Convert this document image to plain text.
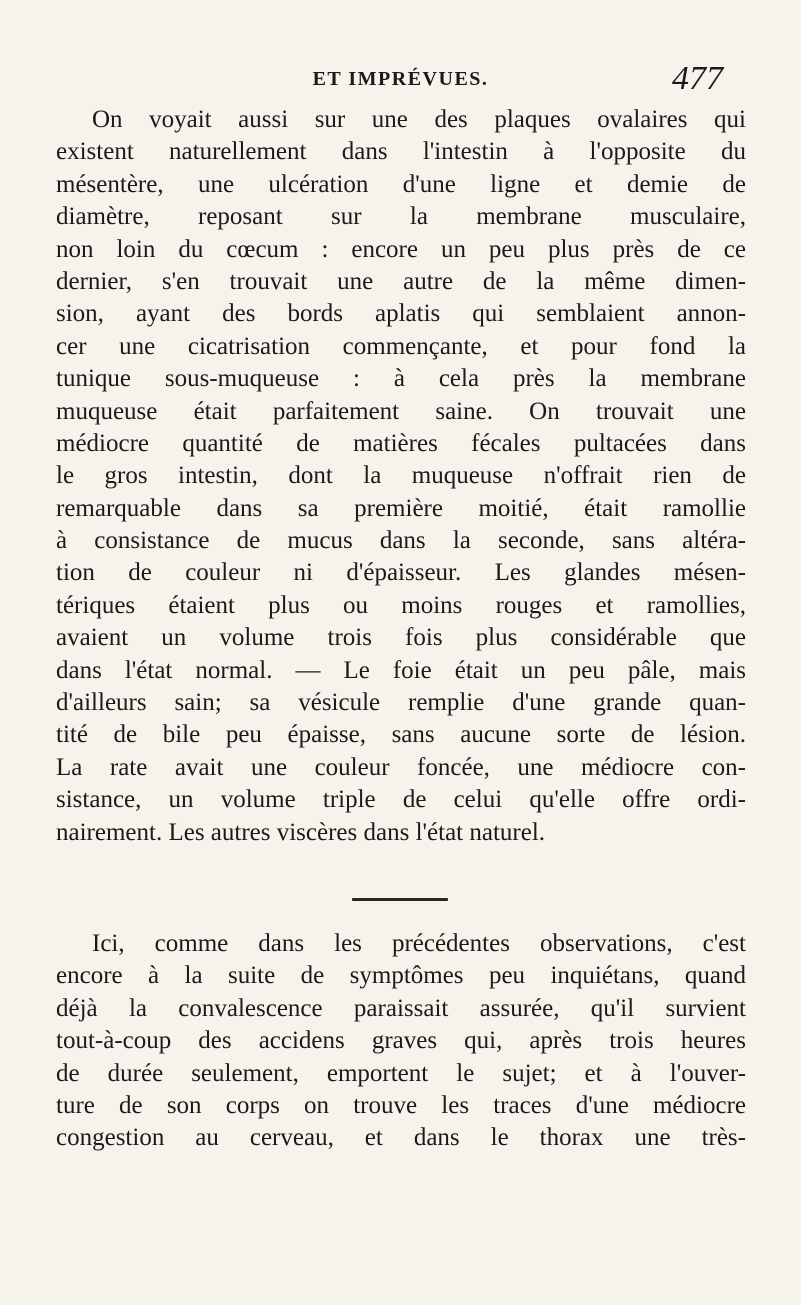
ET IMPRÉVUES.	477
On voyait aussi sur une des plaques ovalaires qui
existent naturellement dans l'intestin à l'opposite du
mésentère, une ulcération d'une ligne et demie de
diamètre, reposant sur la membrane musculaire,
non loin du cœcum : encore un peu plus près de ce
dernier, s'en trouvait une autre de la même dimen-
sion, ayant des bords aplatis qui semblaient annon-
cer une cicatrisation commençante, et pour fond la
tunique sous-muqueuse : à cela près la membrane
muqueuse était parfaitement saine. On trouvait une
médiocre quantité de matières fécales pultacées dans
le gros intestin, dont la muqueuse n'offrait rien de
remarquable dans sa première moitié, était ramollie
à consistance de mucus dans la seconde, sans altéra-
tion de couleur ni d'épaisseur. Les glandes mésen-
tériques étaient plus ou moins rouges et ramollies,
avaient un volume trois fois plus considérable que
dans l'état normal. — Le foie était un peu pâle, mais
d'ailleurs sain; sa vésicule remplie d'une grande quan-
tité de bile peu épaisse, sans aucune sorte de lésion.
La rate avait une couleur foncée, une médiocre con-
sistance, un volume triple de celui qu'elle offre ordi-
nairement. Les autres viscères dans l'état naturel.
Ici, comme dans les précédentes observations, c'est
encore à la suite de symptômes peu inquiétans, quand
déjà la convalescence paraissait assurée, qu'il survient
tout-à-coup des accidens graves qui, après trois heures
de durée seulement, emportent le sujet; et à l'ouver-
ture de son corps on trouve les traces d'une médiocre
congestion au cerveau, et dans le thorax une très-
